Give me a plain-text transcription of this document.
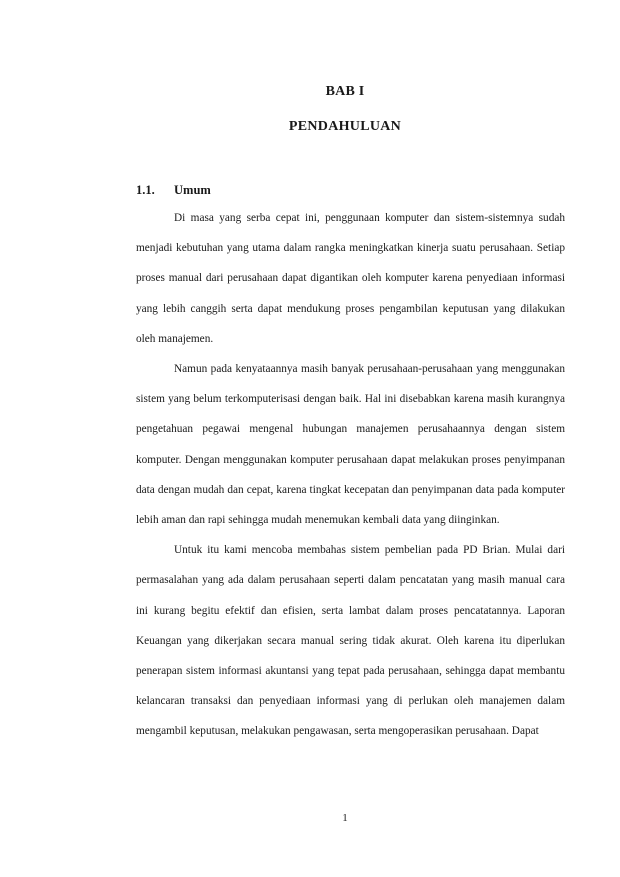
BAB I
PENDAHULUAN
1.1.	Umum

Di masa yang serba cepat ini, penggunaan komputer dan sistem-sistemnya sudah menjadi kebutuhan yang utama dalam rangka meningkatkan kinerja suatu perusahaan. Setiap proses manual dari perusahaan dapat digantikan oleh komputer karena penyediaan informasi yang lebih canggih serta dapat mendukung proses pengambilan keputusan yang dilakukan oleh manajemen.

Namun pada kenyataannya masih banyak perusahaan-perusahaan yang menggunakan sistem yang belum terkomputerisasi dengan baik. Hal ini disebabkan karena masih kurangnya pengetahuan pegawai mengenal hubungan manajemen perusahaannya dengan sistem komputer. Dengan menggunakan komputer perusahaan dapat melakukan proses penyimpanan data dengan mudah dan cepat, karena tingkat kecepatan dan penyimpanan data pada komputer lebih aman dan rapi sehingga mudah menemukan kembali data yang diinginkan.

Untuk itu kami mencoba membahas sistem pembelian pada PD Brian. Mulai dari permasalahan yang ada dalam perusahaan seperti dalam pencatatan yang masih manual cara ini kurang begitu efektif dan efisien, serta lambat dalam proses pencatatannya. Laporan Keuangan yang dikerjakan secara manual sering tidak akurat. Oleh karena itu diperlukan penerapan sistem informasi akuntansi yang tepat pada perusahaan, sehingga dapat membantu kelancaran transaksi dan penyediaan informasi yang di perlukan oleh manajemen dalam mengambil keputusan, melakukan pengawasan, serta mengoperasikan perusahaan. Dapat

1
